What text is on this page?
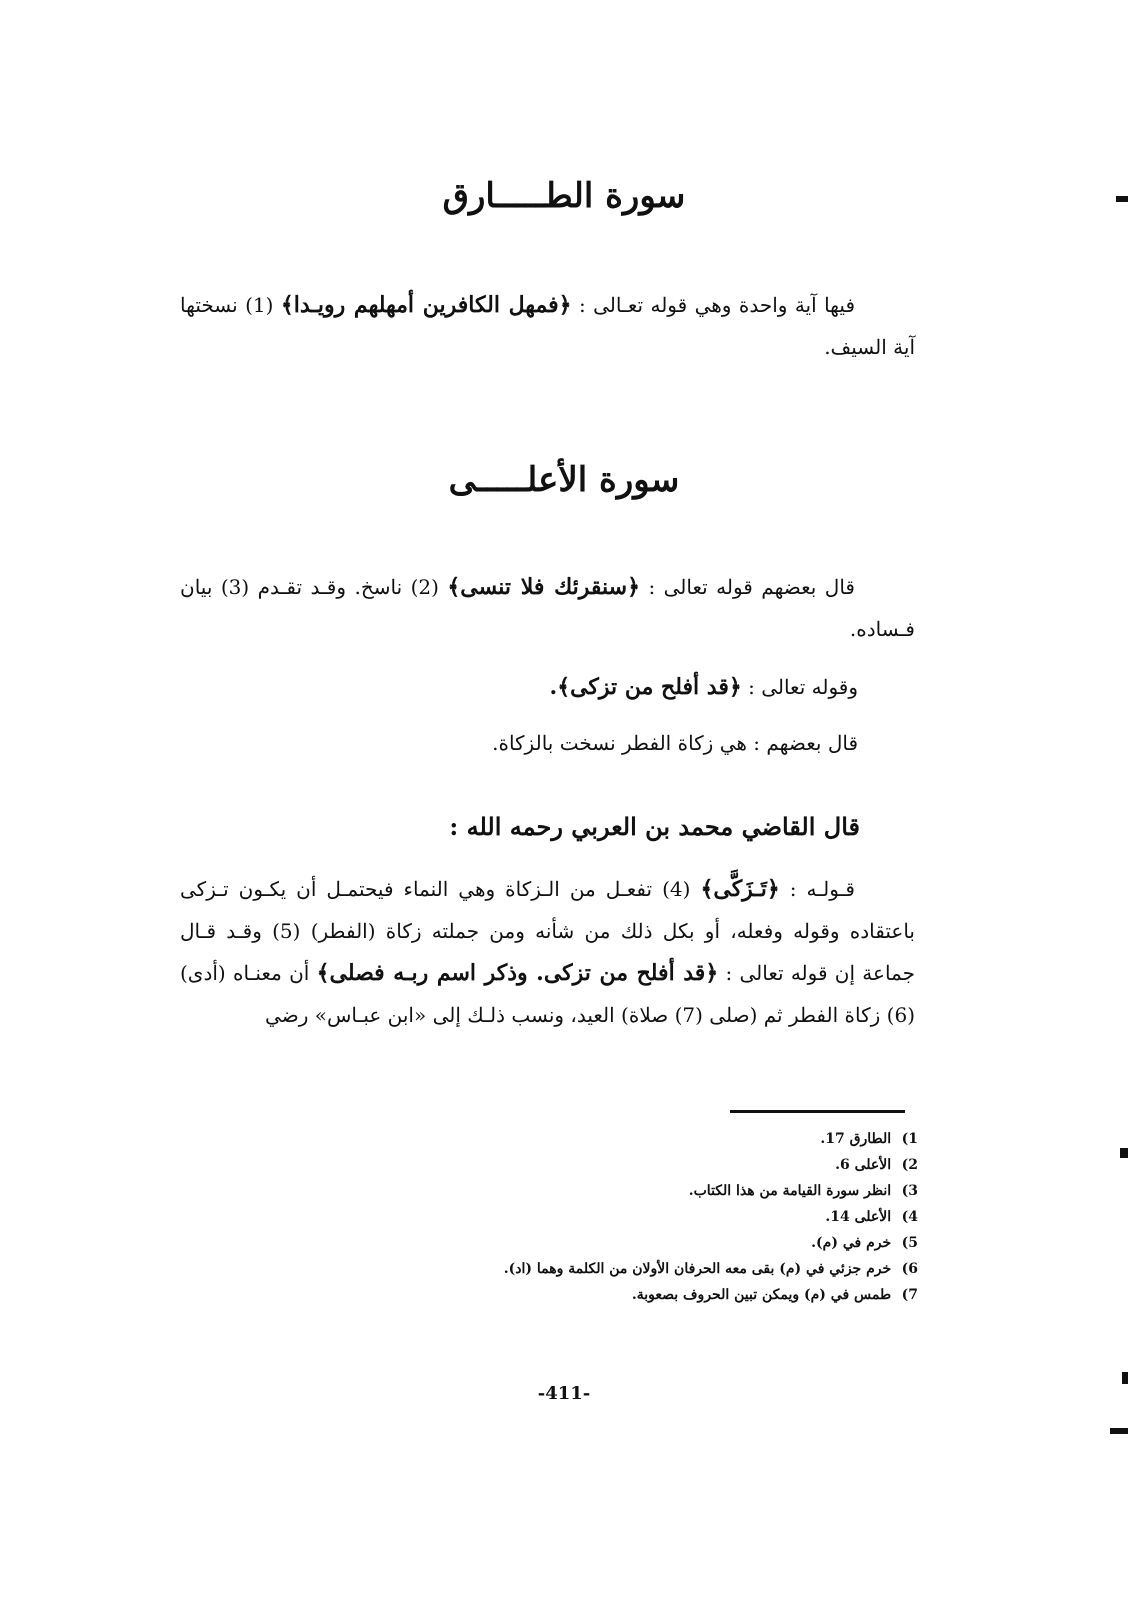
سورة الطـــــارق

فيها آية واحدة وهي قوله تعـالى : ﴿فمهل الكافرين أمهلهم رويـدا﴾ (1) نسختها آية السيف.

سورة الأعلـــــى

قال بعضهم قوله تعالى : ﴿سنقرئك فلا تنسى﴾ (2) ناسخ. وقـد تقـدم (3) بيان فـساده.

وقوله تعالى : ﴿قد أفلح من تزكى﴾.
قال بعضهم : هي زكاة الفطر نسخت بالزكاة.
قال القاضي محمد بن العربي رحمه الله :

قـولـه : ﴿تَـزَكَّى﴾ (4) تفعـل من الـزكاة وهي النماء فيحتمـل أن يكـون تـزكى باعتقاده وقوله وفعله، أو بكل ذلك من شأنه ومن جملته زكاة (الفطر) (5) وقـد قـال جماعة إن قوله تعالى : ﴿قد أفلح من تزكى. وذكر اسم ربـه فصلى﴾ أن معنـاه (أدى) (6) زكاة الفطر ثم (صلى (7) صلاة) العيد، ونسب ذلـك إلى «ابن عبـاس» رضي

1) الطارق 17.
2) الأعلى 6.
3) انظر سورة القيامة من هذا الكتاب.
4) الأعلى 14.
5) خرم في (م).
6) خرم جزئي في (م) بقى معه الحرفان الأولان من الكلمة وهما (اد).
7) طمس في (م) ويمكن تبين الحروف بصعوبة.
-411-
